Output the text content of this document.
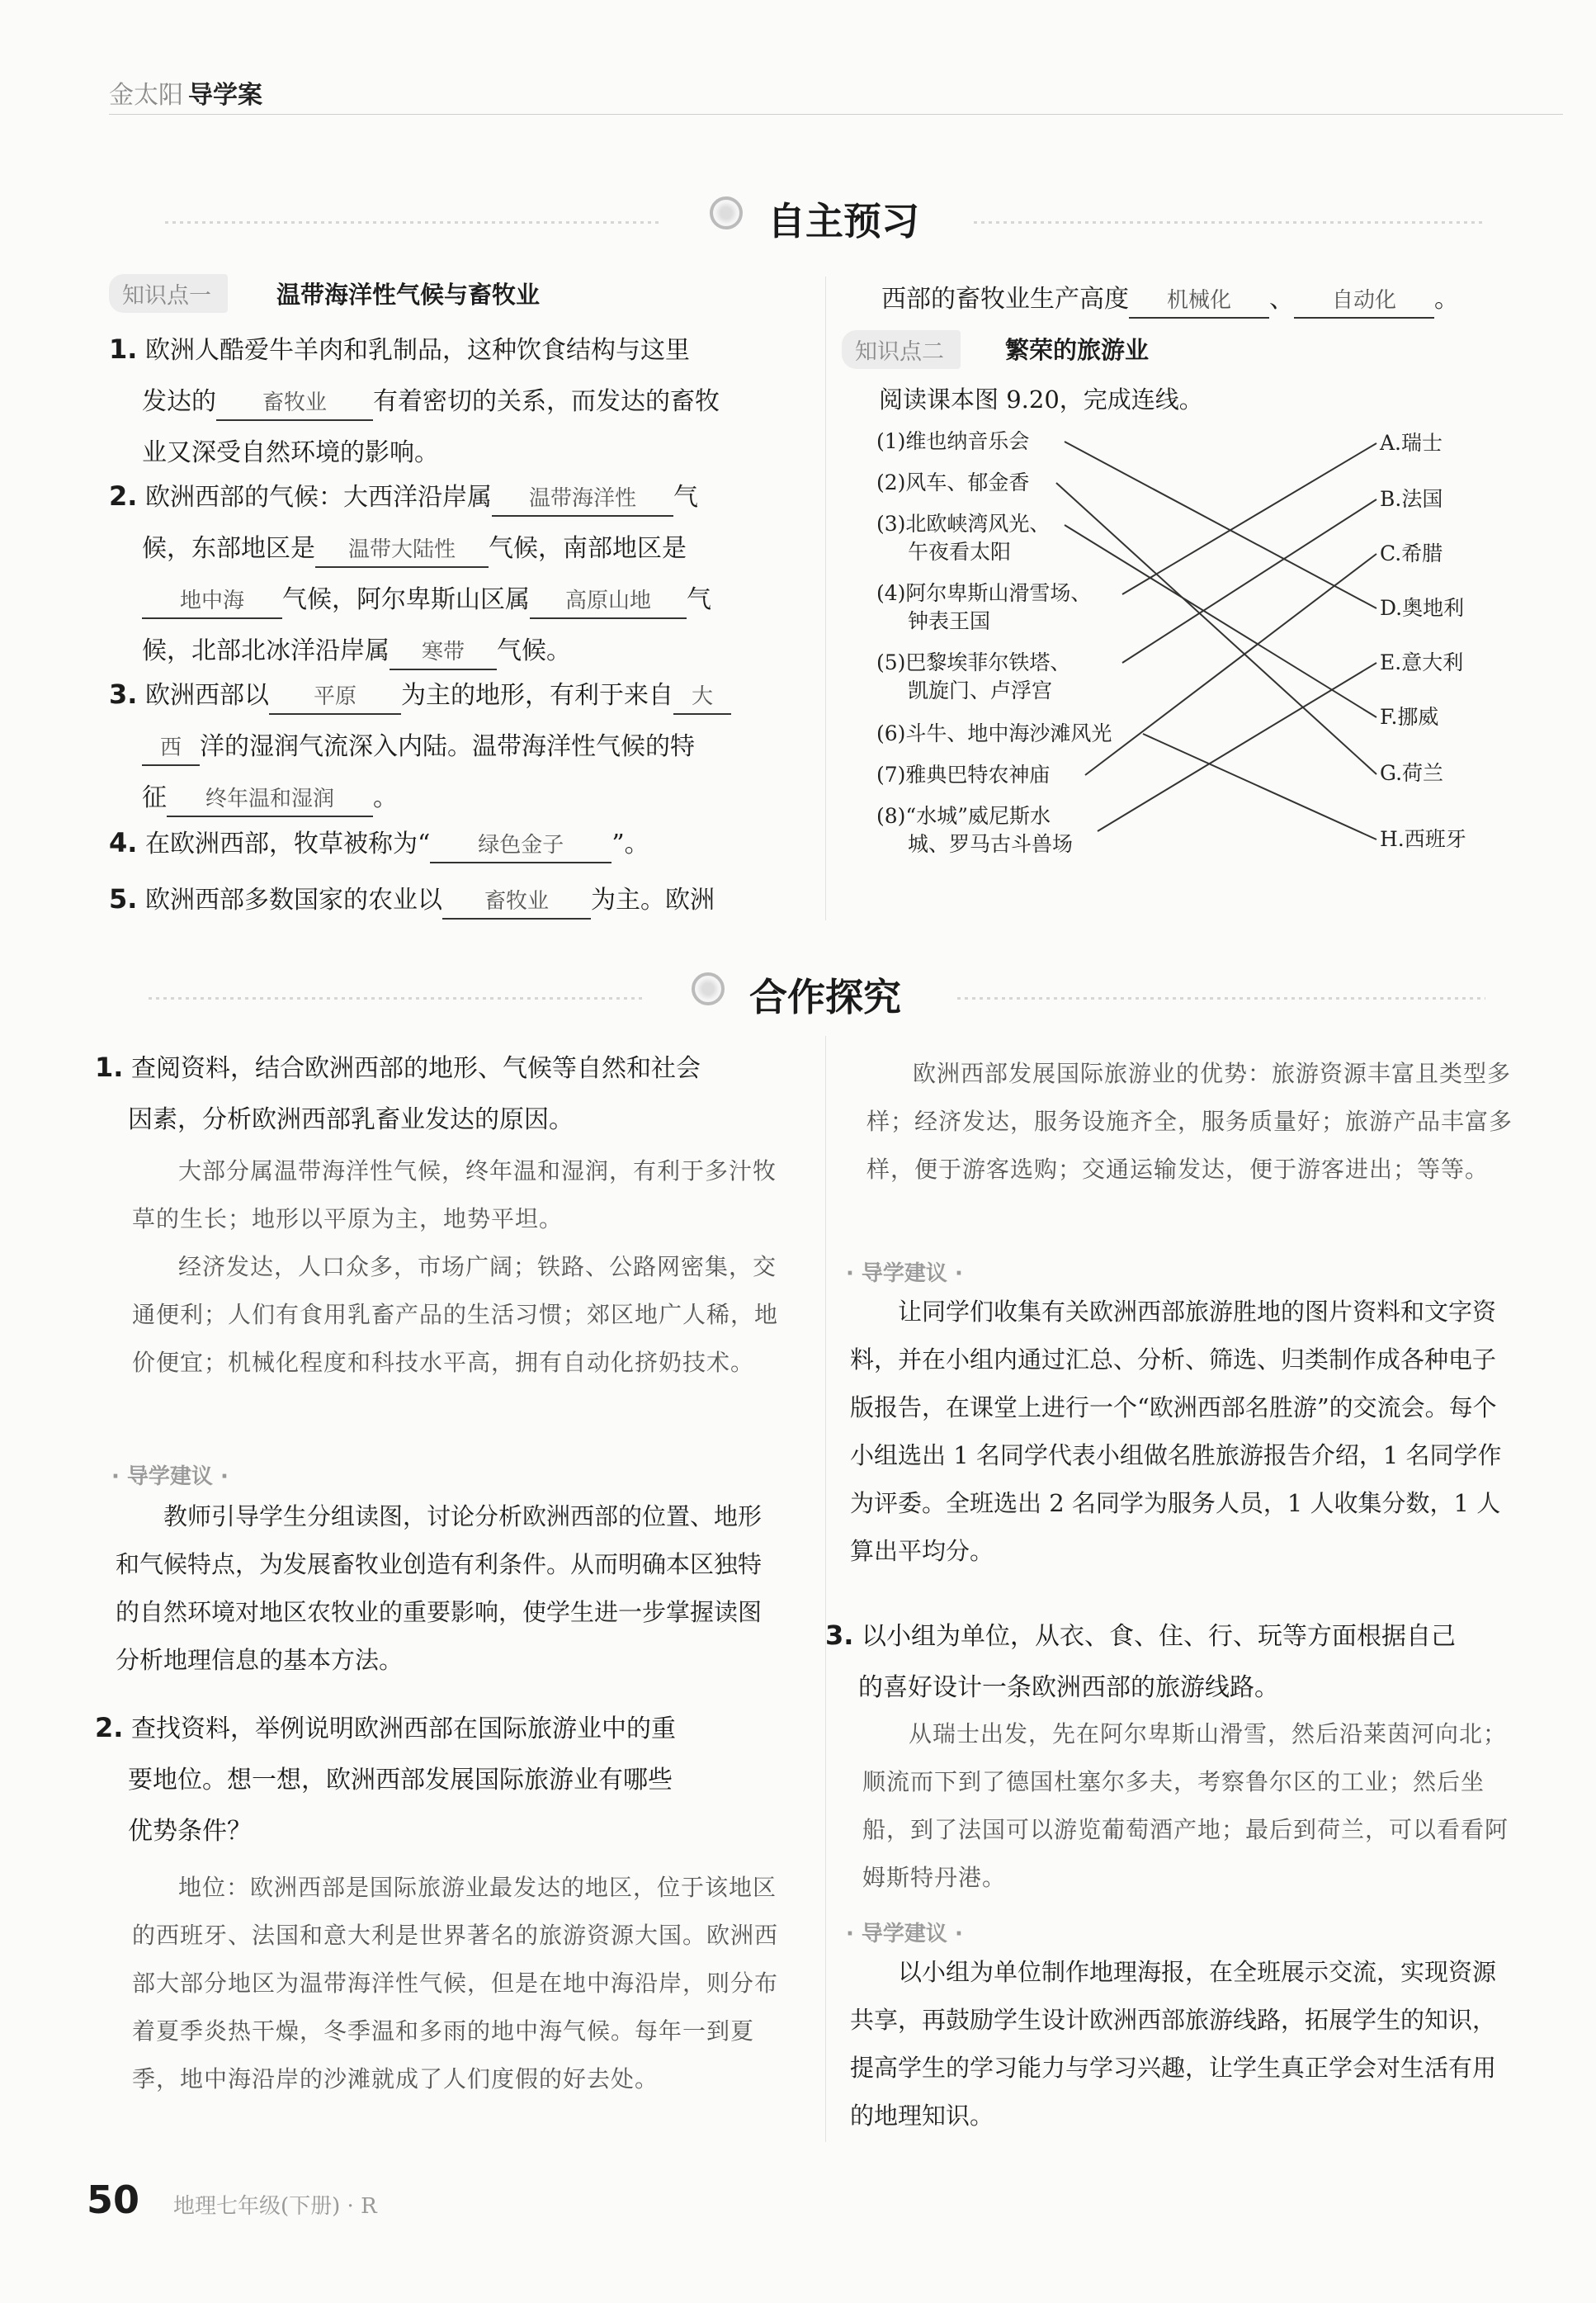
金太阳 导学案
自主预习
知识点一	温带海洋性气候与畜牧业
1. 欧洲人酷爱牛羊肉和乳制品，这种饮食结构与这里
发达的 畜牧业 有着密切的关系，而发达的畜牧
业又深受自然环境的影响。
2. 欧洲西部的气候：大西洋沿岸属 温带海洋性 气
候，东部地区是 温带大陆性 气候，南部地区是
地中海 气候，阿尔卑斯山区属 高原山地 气
候，北部北冰洋沿岸属 寒带 气候。
3. 欧洲西部以 平原 为主的地形，有利于来自 大
西 洋的湿润气流深入内陆。温带海洋性气候的特
征 终年温和湿润 。
4. 在欧洲西部，牧草被称为“ 绿色金子 ”。
5. 欧洲西部多数国家的农业以 畜牧业 为主。欧洲
西部的畜牧业生产高度 机械化 、 自动化 。
知识点二	繁荣的旅游业
阅读课本图 9.20，完成连线。
(1)维也纳音乐会
(2)风车、郁金香
(3)北欧峡湾风光、
午夜看太阳
(4)阿尔卑斯山滑雪场、
钟表王国
(5)巴黎埃菲尔铁塔、
凯旋门、卢浮宫
(6)斗牛、地中海沙滩风光
(7)雅典巴特农神庙
(8)“水城”威尼斯水
城、罗马古斗兽场
A.瑞士
B.法国
C.希腊
D.奥地利
E.意大利
F.挪威
G.荷兰
H.西班牙
合作探究
1. 查阅资料，结合欧洲西部的地形、气候等自然和社会
因素，分析欧洲西部乳畜业发达的原因。

大部分属温带海洋性气候，终年温和湿润，有利于多汁牧草的生长；地形以平原为主，地势平坦。

经济发达，人口众多，市场广阔；铁路、公路网密集，交通便利；人们有食用乳畜产品的生活习惯；郊区地广人稀，地价便宜；机械化程度和科技水平高，拥有自动化挤奶技术。

· 导学建议 ·

教师引导学生分组读图，讨论分析欧洲西部的位置、地形和气候特点，为发展畜牧业创造有利条件。从而明确本区独特的自然环境对地区农牧业的重要影响，使学生进一步掌握读图分析地理信息的基本方法。

2. 查找资料，举例说明欧洲西部在国际旅游业中的重
要地位。想一想，欧洲西部发展国际旅游业有哪些
优势条件？

地位：欧洲西部是国际旅游业最发达的地区，位于该地区的西班牙、法国和意大利是世界著名的旅游资源大国。欧洲西部大部分地区为温带海洋性气候，但是在地中海沿岸，则分布着夏季炎热干燥，冬季温和多雨的地中海气候。每年一到夏季，地中海沿岸的沙滩就成了人们度假的好去处。

欧洲西部发展国际旅游业的优势：旅游资源丰富且类型多样；经济发达，服务设施齐全，服务质量好；旅游产品丰富多样，便于游客选购；交通运输发达，便于游客进出；等等。

· 导学建议 ·

让同学们收集有关欧洲西部旅游胜地的图片资料和文字资料，并在小组内通过汇总、分析、筛选、归类制作成各种电子版报告，在课堂上进行一个“欧洲西部名胜游”的交流会。每个小组选出 1 名同学代表小组做名胜旅游报告介绍，1 名同学作为评委。全班选出 2 名同学为服务人员，1 人收集分数，1 人算出平均分。

3. 以小组为单位，从衣、食、住、行、玩等方面根据自己
的喜好设计一条欧洲西部的旅游线路。

从瑞士出发，先在阿尔卑斯山滑雪，然后沿莱茵河向北；顺流而下到了德国杜塞尔多夫，考察鲁尔区的工业；然后坐船，到了法国可以游览葡萄酒产地；最后到荷兰，可以看看阿姆斯特丹港。

· 导学建议 ·

以小组为单位制作地理海报，在全班展示交流，实现资源共享，再鼓励学生设计欧洲西部旅游线路，拓展学生的知识，提高学生的学习能力与学习兴趣，让学生真正学会对生活有用的地理知识。

50 地理七年级(下册) · R
